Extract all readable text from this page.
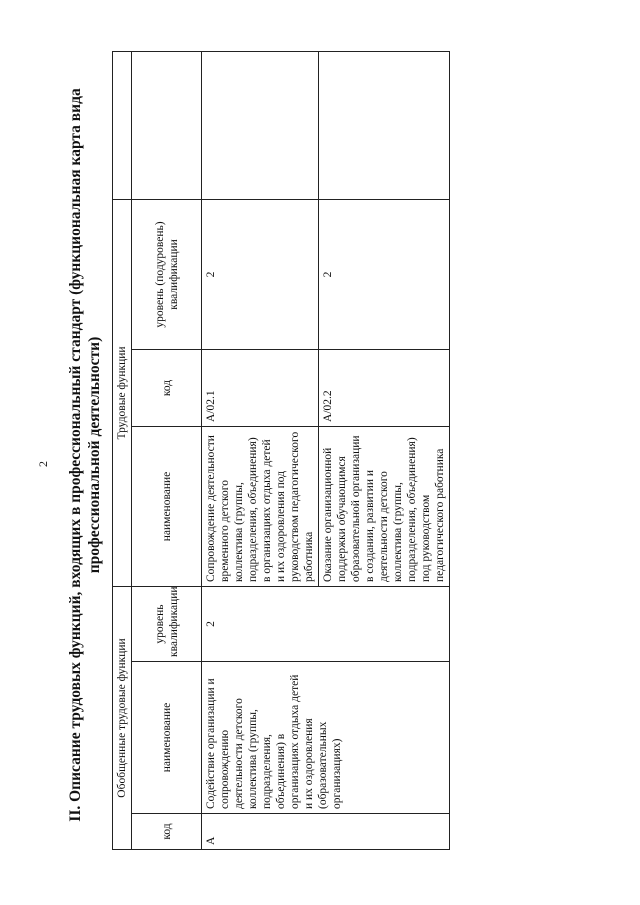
2 II. Описание трудовых функций, входящих в профессиональный стандарт (функциональная карта вида профессиональной деятельности)
Обобщенные трудовые функции			Трудовые функции			
код	наименование	уровень квалификации	наименование	код	уровень (подуровень) квалификации	
А	Содействие организации и сопровождению деятельности детского коллектива (группы, подразделения, объединения) в организациях отдыха детей и их оздоровления (образовательных организациях)	2	Сопровождение деятельности временного детского коллектива (группы, подразделения, объединения) в организациях отдыха детей и их оздоровления под руководством педагогического работника	А/02.1	2	
			Оказание организационной поддержки обучающимся образовательной организации в создании, развитии и деятельности детского коллектива (группы, подразделения, объединения) под руководством педагогического работника	А/02.2	2	
